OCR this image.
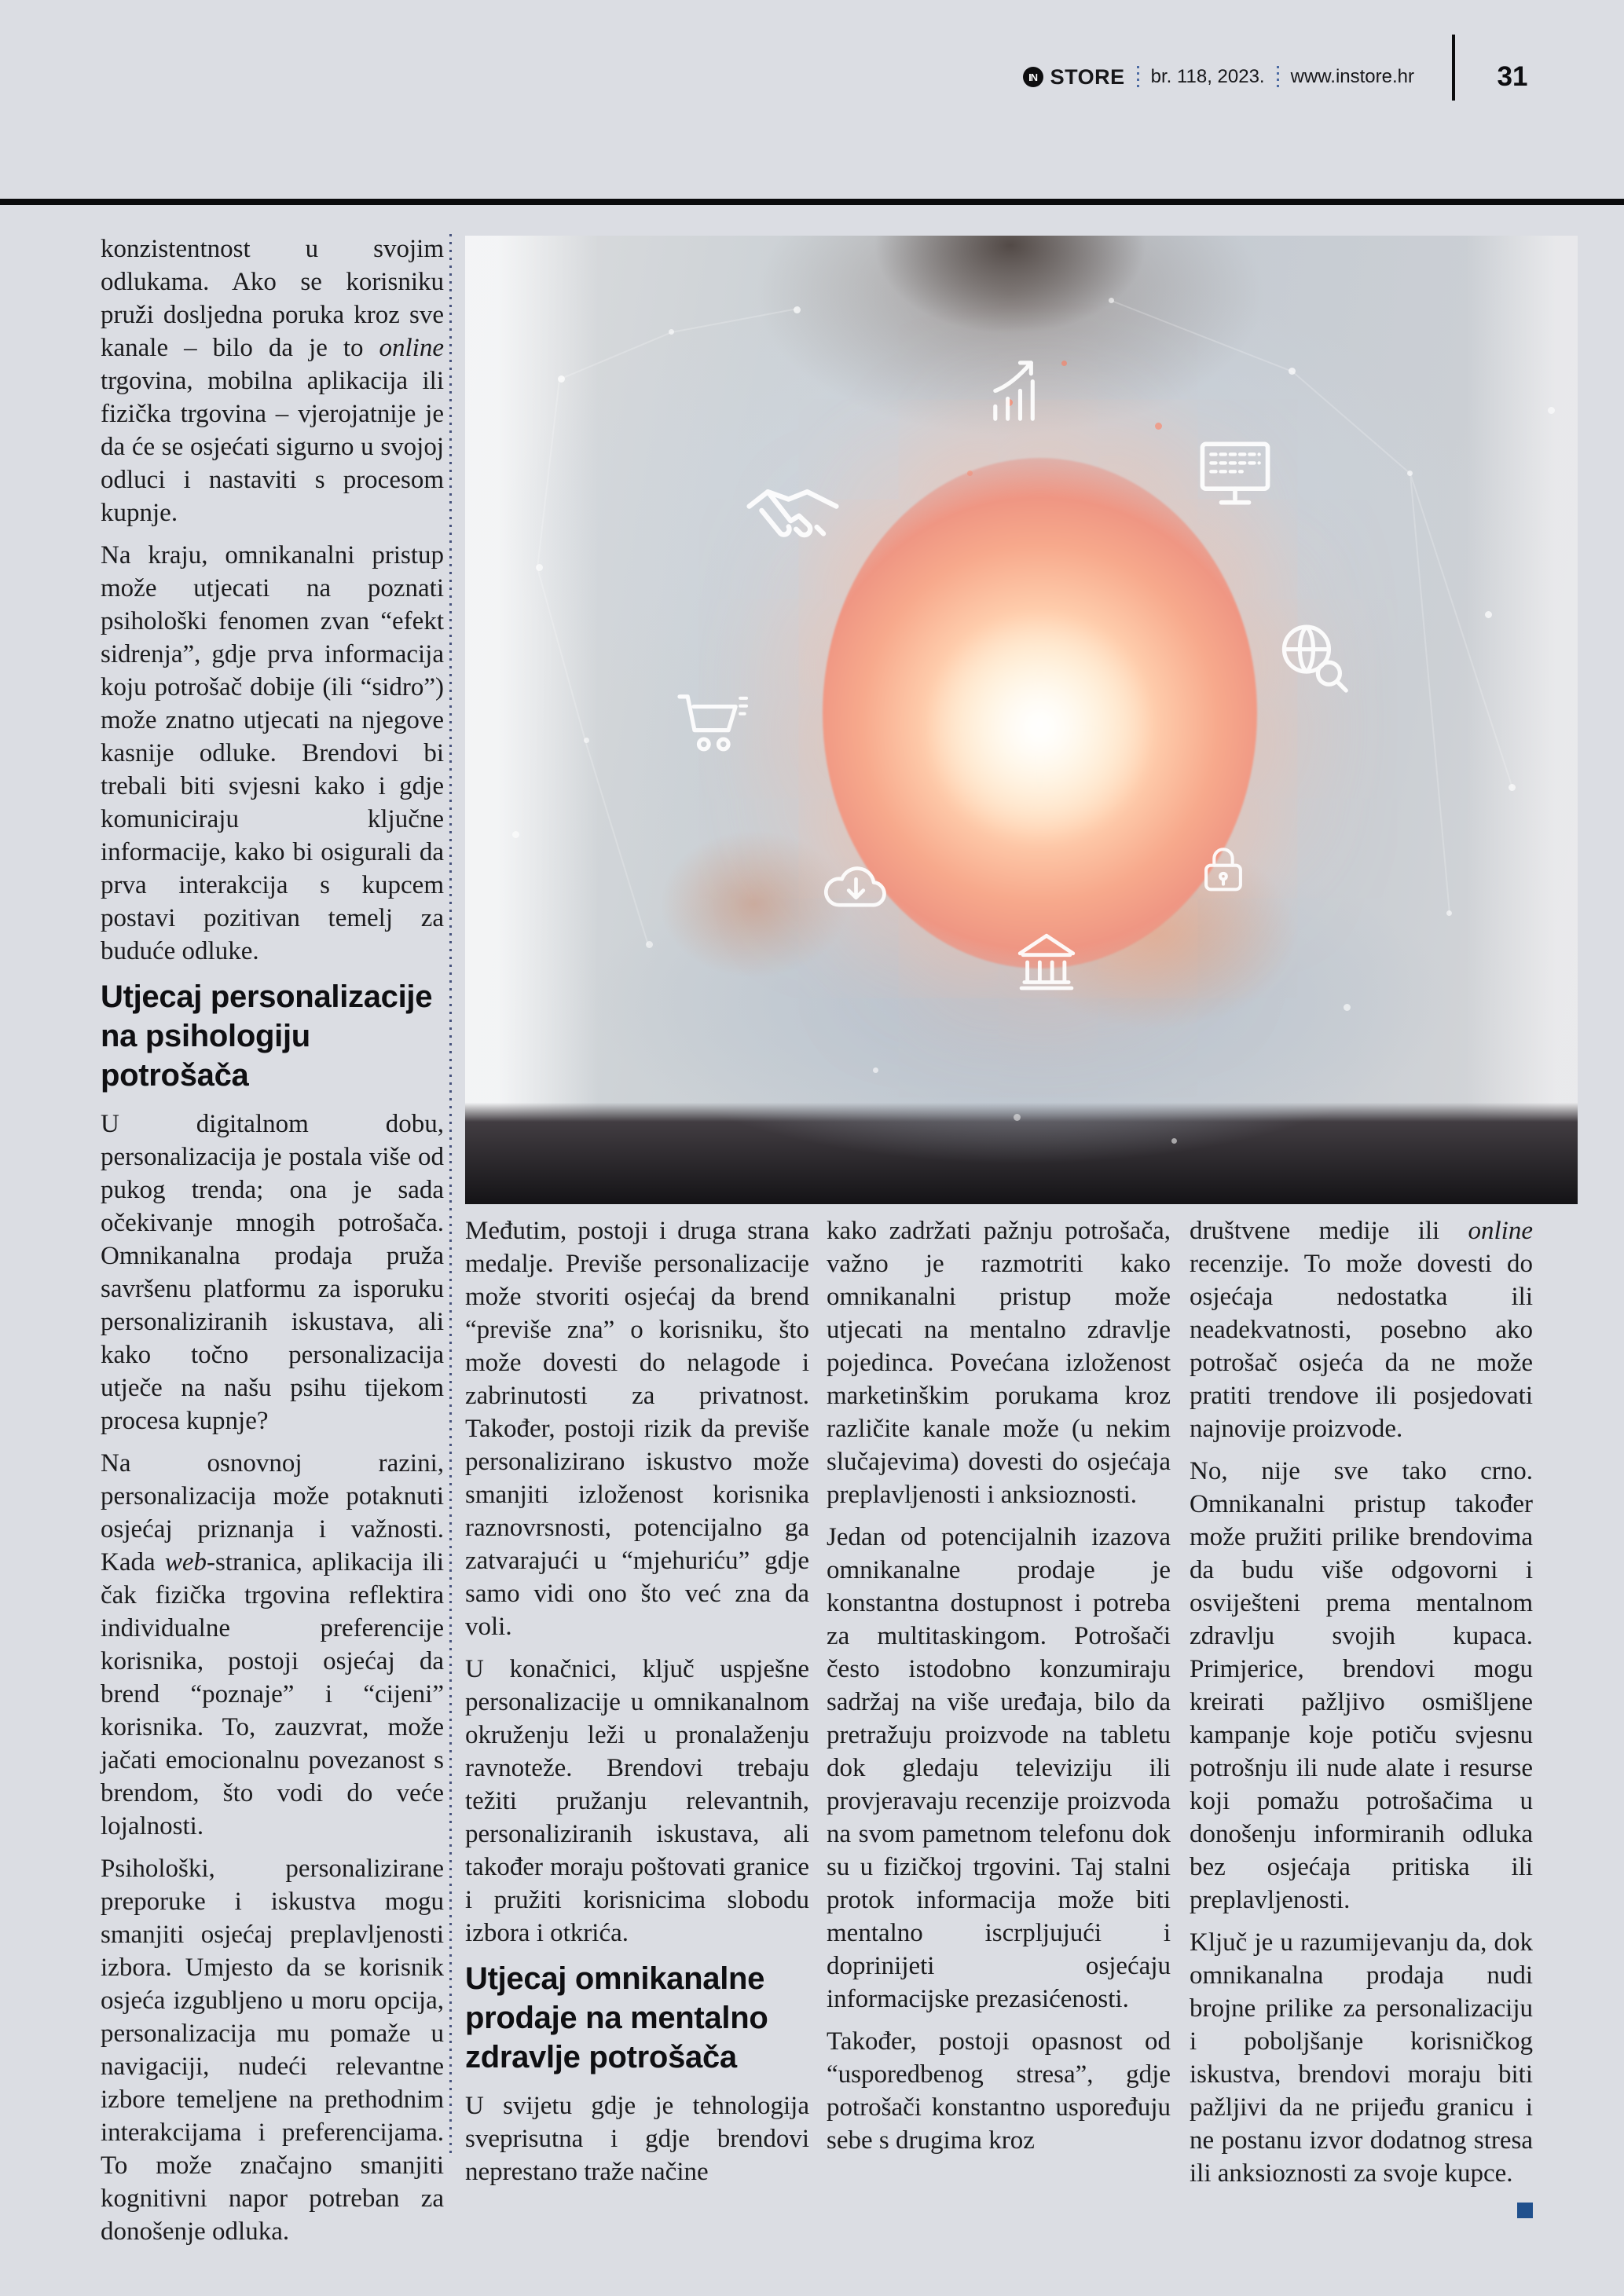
IN STORE br. 118, 2023. www.instore.hr	31

konzistentnost u svojim odlukama. Ako se korisniku pruži dosljedna poruka kroz sve kanale – bilo da je to online trgovina, mobilna aplikacija ili fizička trgovina – vjerojatnije je da će se osjećati sigurno u svojoj odluci i nastaviti s procesom kupnje.

Na kraju, omnikanalni pristup može utjecati na poznati psihološki fenomen zvan “efekt sidrenja”, gdje prva informacija koju potrošač dobije (ili “sidro”) može znatno utjecati na njegove kasnije odluke. Brendovi bi trebali biti svjesni kako i gdje komuniciraju ključne informacije, kako bi osigurali da prva interakcija s kupcem postavi pozitivan temelj za buduće odluke.

Utjecaj personalizacije na psihologiju potrošača

U digitalnom dobu, personalizacija je postala više od pukog trenda; ona je sada očekivanje mnogih potrošača. Omnikanalna prodaja pruža savršenu platformu za isporuku personaliziranih iskustava, ali kako točno personalizacija utječe na našu psihu tijekom procesa kupnje?

Na osnovnoj razini, personalizacija može potaknuti osjećaj priznanja i važnosti. Kada web-stranica, aplikacija ili čak fizička trgovina reflektira individualne preferencije korisnika, postoji osjećaj da brend “poznaje” i “cijeni” korisnika. To, zauzvrat, može jačati emocionalnu povezanost s brendom, što vodi do veće lojalnosti.

Psihološki, personalizirane preporuke i iskustva mogu smanjiti osjećaj preplavljenosti izbora. Umjesto da se korisnik osjeća izgubljeno u moru opcija, personalizacija mu pomaže u navigaciji, nudeći relevantne izbore temeljene na prethodnim interakcijama i preferencijama. To može značajno smanjiti kognitivni napor potreban za donošenje odluka.

Međutim, postoji i druga strana medalje. Previše personalizacije može stvoriti osjećaj da brend “previše zna” o korisniku, što može dovesti do nelagode i zabrinutosti za privatnost. Također, postoji rizik da previše personalizirano iskustvo može smanjiti izloženost korisnika raznovrsnosti, potencijalno ga zatvarajući u “mjehuriću” gdje samo vidi ono što već zna da voli.

U konačnici, ključ uspješne personalizacije u omnikanalnom okruženju leži u pronalaženju ravnoteže. Brendovi trebaju težiti pružanju relevantnih, personaliziranih iskustava, ali također moraju poštovati granice i pružiti korisnicima slobodu izbora i otkrića.

Utjecaj omnikanalne prodaje na mentalno zdravlje potrošača

U svijetu gdje je tehnologija sveprisutna i gdje brendovi neprestano traže načine

kako zadržati pažnju potrošača, važno je razmotriti kako omnikanalni pristup može utjecati na mentalno zdravlje pojedinca. Povećana izloženost marketinškim porukama kroz različite kanale može (u nekim slučajevima) dovesti do osjećaja preplavljenosti i anksioznosti.

Jedan od potencijalnih izazova omnikanalne prodaje je konstantna dostupnost i potreba za multitaskingom. Potrošači često istodobno konzumiraju sadržaj na više uređaja, bilo da pretražuju proizvode na tabletu dok gledaju televiziju ili provjeravaju recenzije proizvoda na svom pametnom telefonu dok su u fizičkoj trgovini. Taj stalni protok informacija može biti mentalno iscrpljujući i doprinijeti osjećaju informacijske prezasićenosti.

Također, postoji opasnost od “usporedbenog stresa”, gdje potrošači konstantno uspoređuju sebe s drugima kroz

društvene medije ili online recenzije. To može dovesti do osjećaja nedostatka ili neadekvatnosti, posebno ako potrošač osjeća da ne može pratiti trendove ili posjedovati najnovije proizvode.

No, nije sve tako crno. Omnikanalni pristup također može pružiti prilike brendovima da budu više odgovorni i osviješteni prema mentalnom zdravlju svojih kupaca. Primjerice, brendovi mogu kreirati pažljivo osmišljene kampanje koje potiču svjesnu potrošnju ili nude alate i resurse koji pomažu potrošačima u donošenju informiranih odluka bez osjećaja pritiska ili preplavljenosti.

Ključ je u razumijevanju da, dok omnikanalna prodaja nudi brojne prilike za personalizaciju i poboljšanje korisničkog iskustva, brendovi moraju biti pažljivi da ne prijeđu granicu i ne postanu izvor dodatnog stresa ili anksioznosti za svoje kupce.
